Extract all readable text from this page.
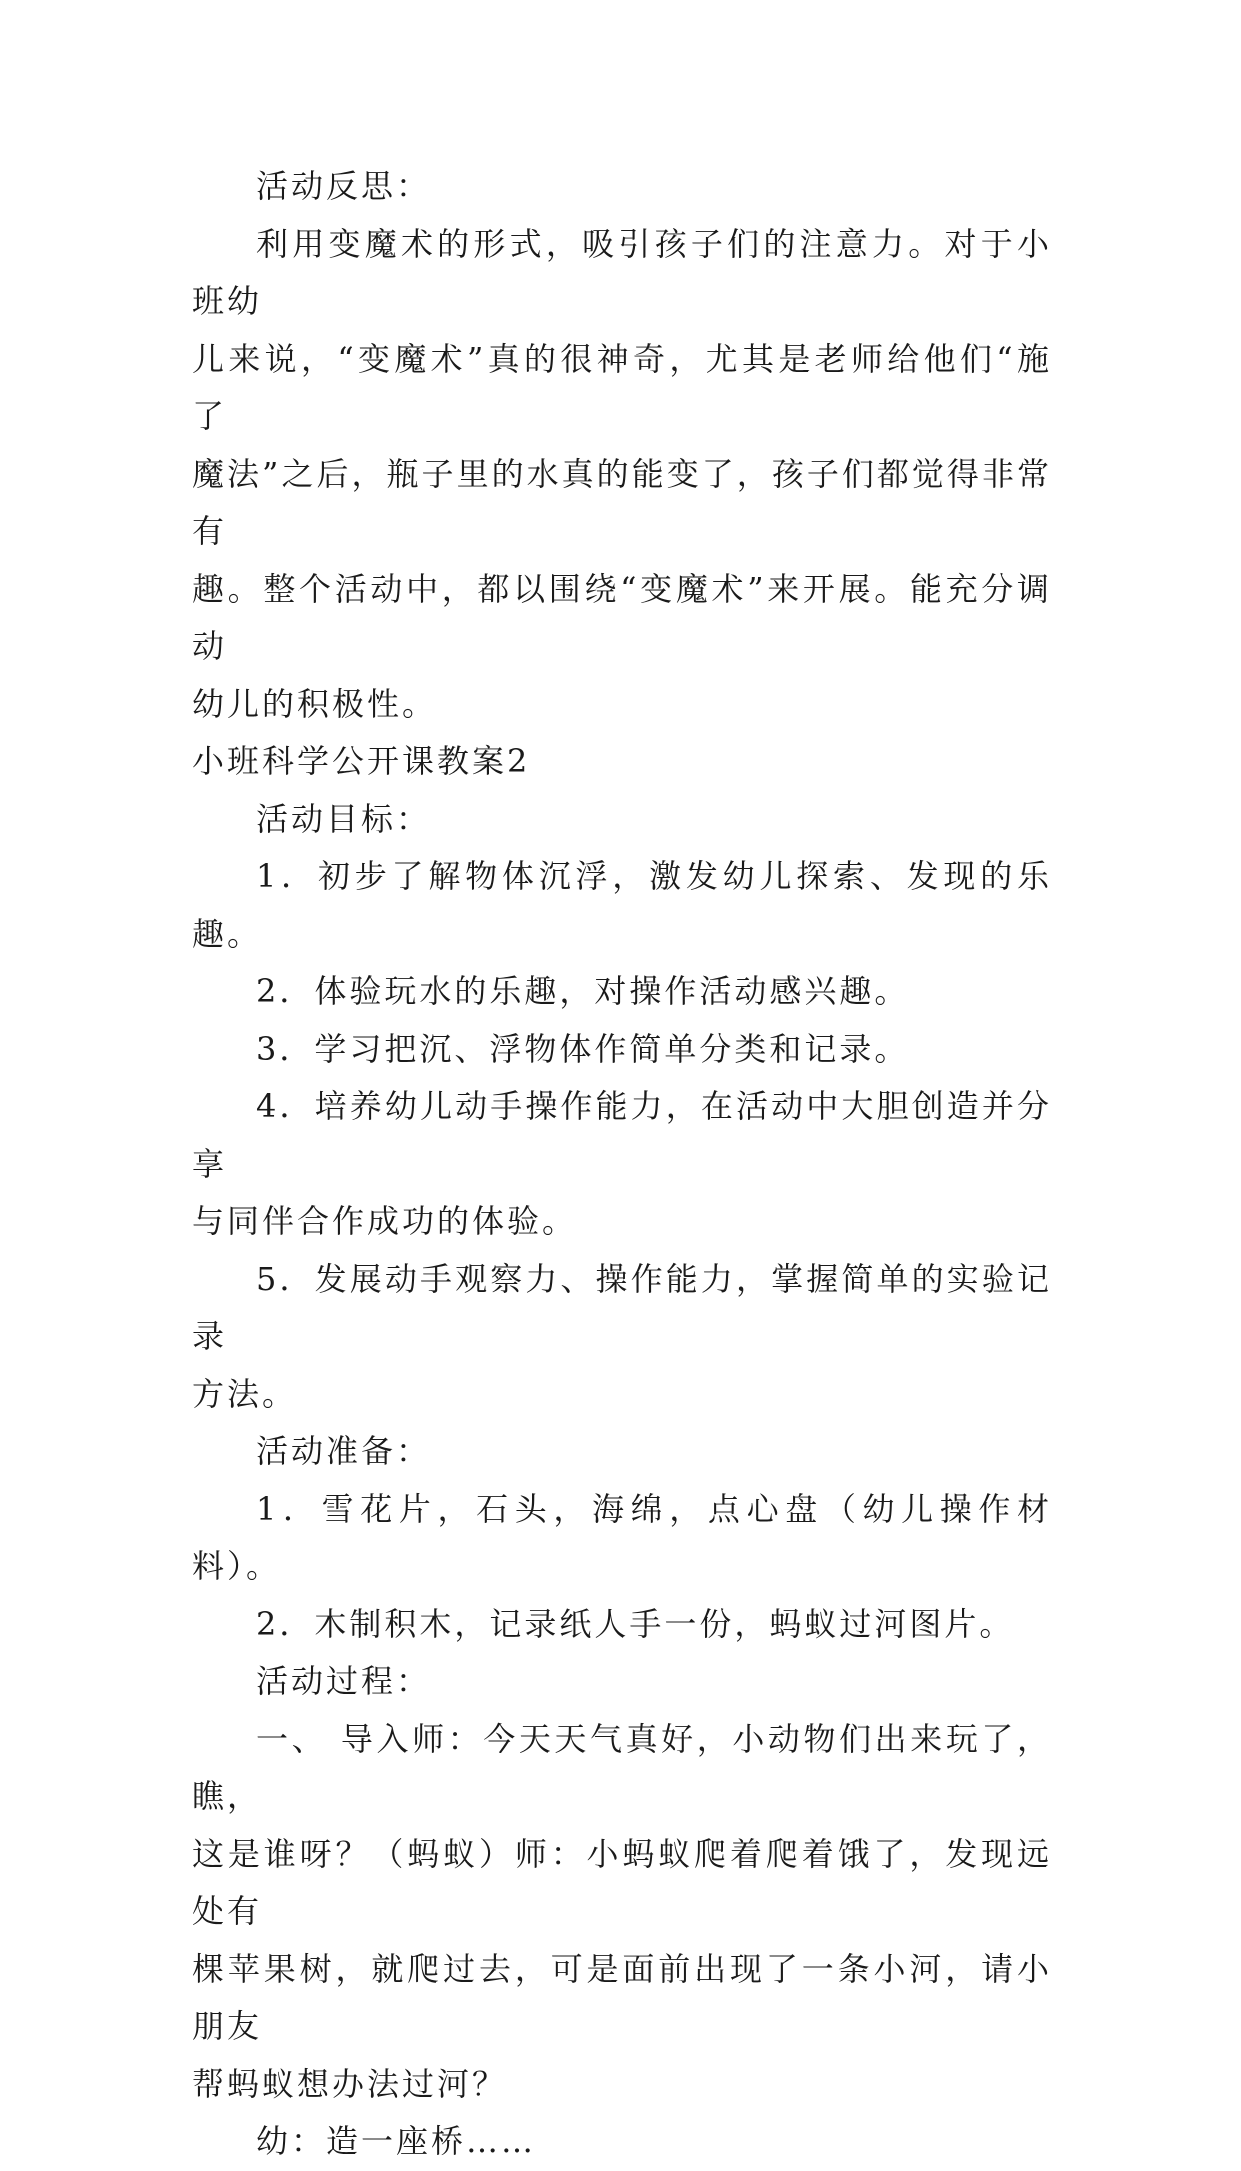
活动反思：
利用变魔术的形式，吸引孩子们的注意力。对于小班幼
儿来说，“变魔术”真的很神奇，尤其是老师给他们“施了
魔法”之后，瓶子里的水真的能变了，孩子们都觉得非常有
趣。整个活动中，都以围绕“变魔术”来开展。能充分调动
幼儿的积极性。
小班科学公开课教案2
活动目标：
1．初步了解物体沉浮，激发幼儿探索、发现的乐趣。
2．体验玩水的乐趣，对操作活动感兴趣。
3．学习把沉、浮物体作简单分类和记录。
4．培养幼儿动手操作能力，在活动中大胆创造并分享
与同伴合作成功的体验。
5．发展动手观察力、操作能力，掌握简单的实验记录
方法。
活动准备：
1．雪花片，石头，海绵，点心盘（幼儿操作材料）。
2．木制积木，记录纸人手一份，蚂蚁过河图片。
活动过程：
一、 导入师：今天天气真好，小动物们出来玩了，瞧，
这是谁呀？（蚂蚁）师：小蚂蚁爬着爬着饿了，发现远处有
棵苹果树，就爬过去，可是面前出现了一条小河，请小朋友
帮蚂蚁想办法过河？
幼：造一座桥……
